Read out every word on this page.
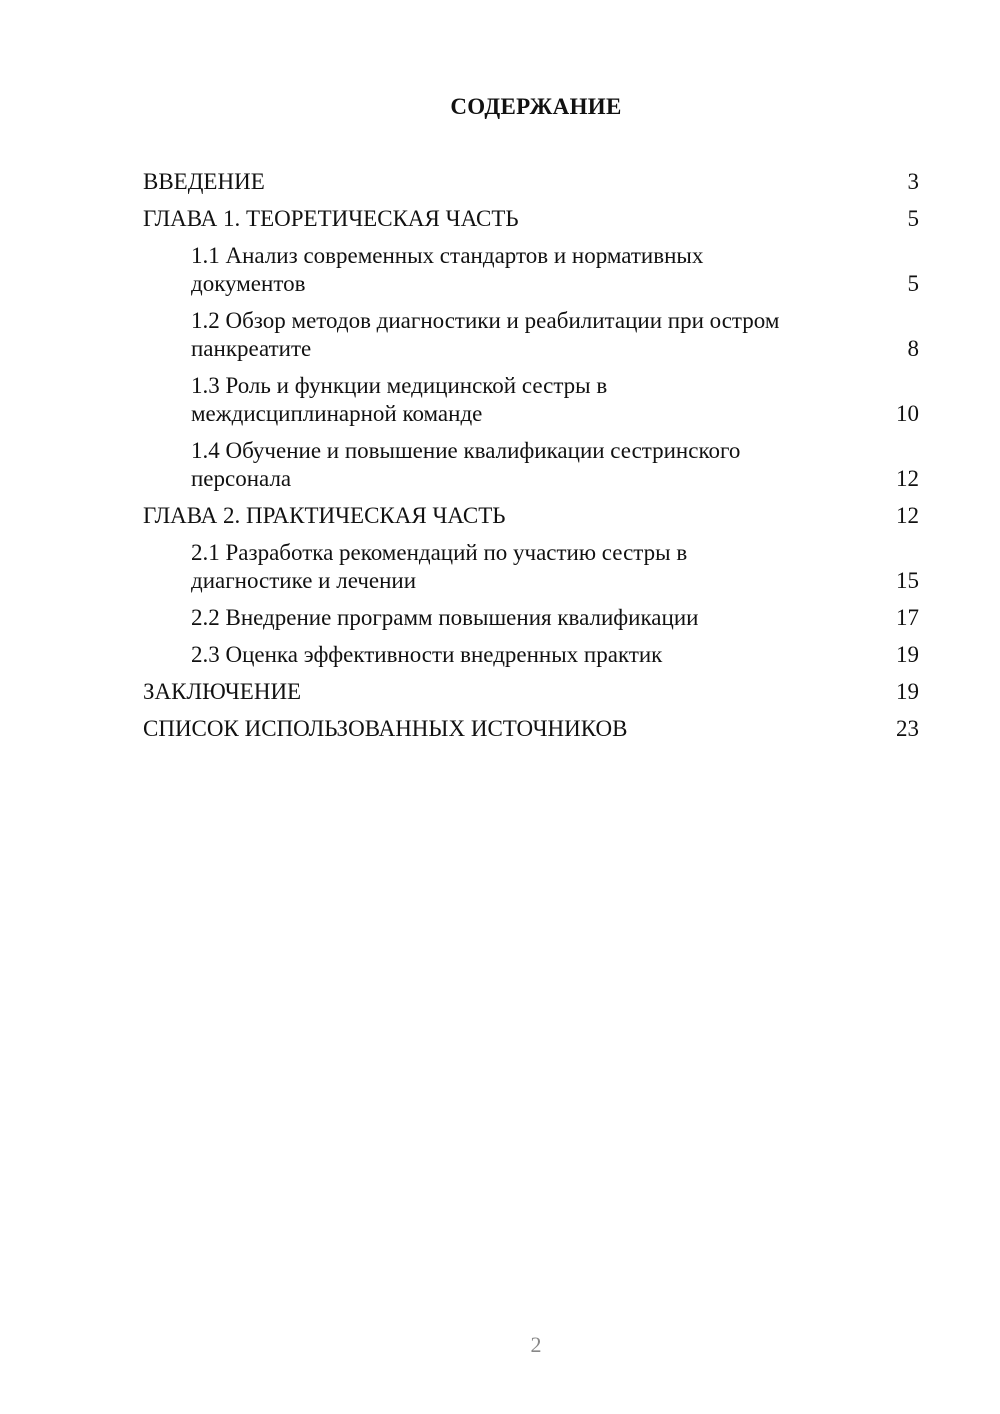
СОДЕРЖАНИЕ
ВВЕДЕНИЕ	3
ГЛАВА 1. ТЕОРЕТИЧЕСКАЯ ЧАСТЬ	5
1.1 Анализ современных стандартов и нормативных документов	5
1.2 Обзор методов диагностики и реабилитации при остром панкреатите	8
1.3 Роль и функции медицинской сестры в междисциплинарной команде	10
1.4 Обучение и повышение квалификации сестринского персонала	12
ГЛАВА 2. ПРАКТИЧЕСКАЯ ЧАСТЬ	12
2.1 Разработка рекомендаций по участию сестры в диагностике и лечении	15
2.2 Внедрение программ повышения квалификации	17
2.3 Оценка эффективности внедренных практик	19
ЗАКЛЮЧЕНИЕ	19
СПИСОК ИСПОЛЬЗОВАННЫХ ИСТОЧНИКОВ	23
2
